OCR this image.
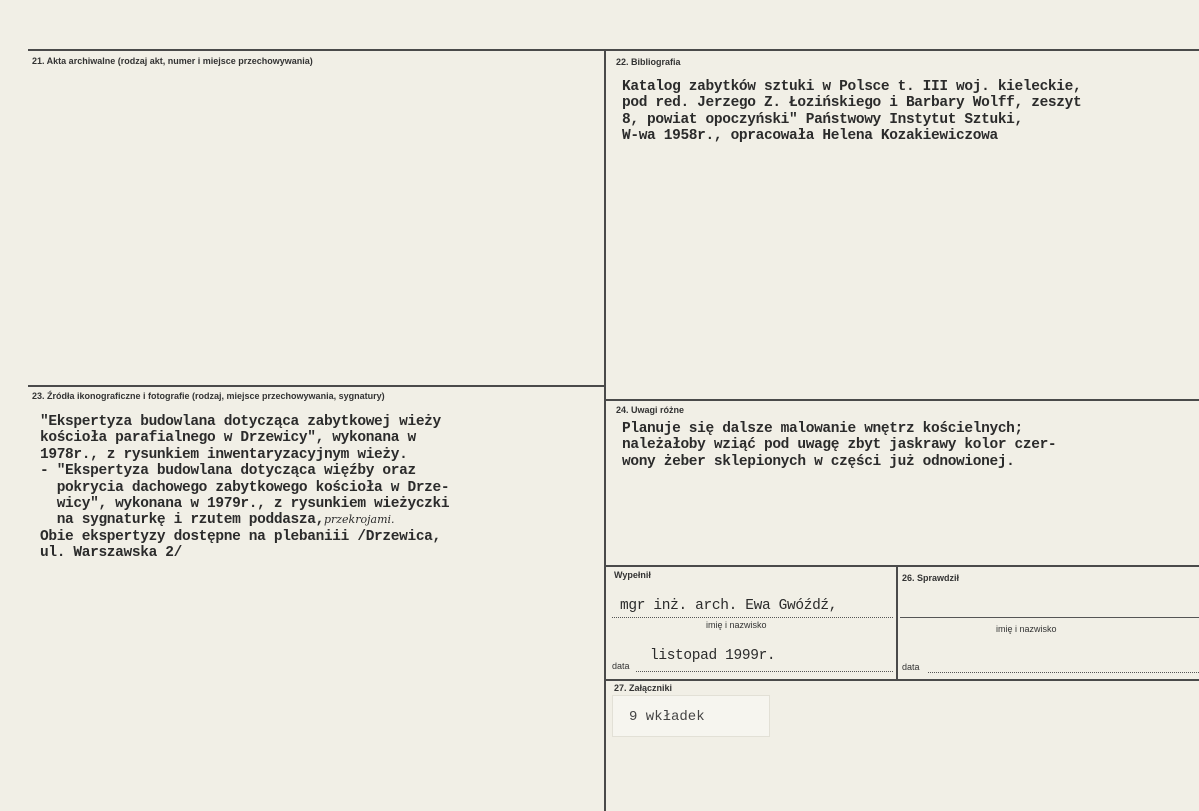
21. Akta archiwalne (rodzaj akt, numer i miejsce przechowywania)	22. Bibliografia
Katalog zabytków sztuki w Polsce t. III woj. kieleckie,
pod red. Jerzego Z. Łozińskiego i Barbary Wolff, zeszyt
8, powiat opoczyński" Państwowy Instytut Sztuki,
W-wa 1958r., opracowała Helena Kozakiewiczowa
23. Źródła ikonograficzne i fotografie (rodzaj, miejsce przechowywania, sygnatury)
"Ekspertyza budowlana dotycząca zabytkowej wieży
kościoła parafialnego w Drzewicy", wykonana w
1978r., z rysunkiem inwentaryzacyjnym wieży.
- "Ekspertyza budowlana dotycząca więźby oraz
pokrycia dachowego zabytkowego kościoła w Drze-
wicy", wykonana w 1979r., z rysunkiem wieżyczki
na sygnaturkę i rzutem poddasza,przekrojami.
Obie ekspertyzy dostępne na plebaniii /Drzewica,
ul. Warszawska 2/
24. Uwagi różne
Planuje się dalsze malowanie wnętrz kościelnych;
należałoby wziąć pod uwagę zbyt jaskrawy kolor czer-
wony żeber sklepionych w części już odnowionej.
Wypełnił
mgr inż. arch. Ewa Gwóźdź,
imię i nazwisko
data
listopad 1999r.
26. Sprawdził
imię i nazwisko
data
27. Załączniki
9 wkładek
